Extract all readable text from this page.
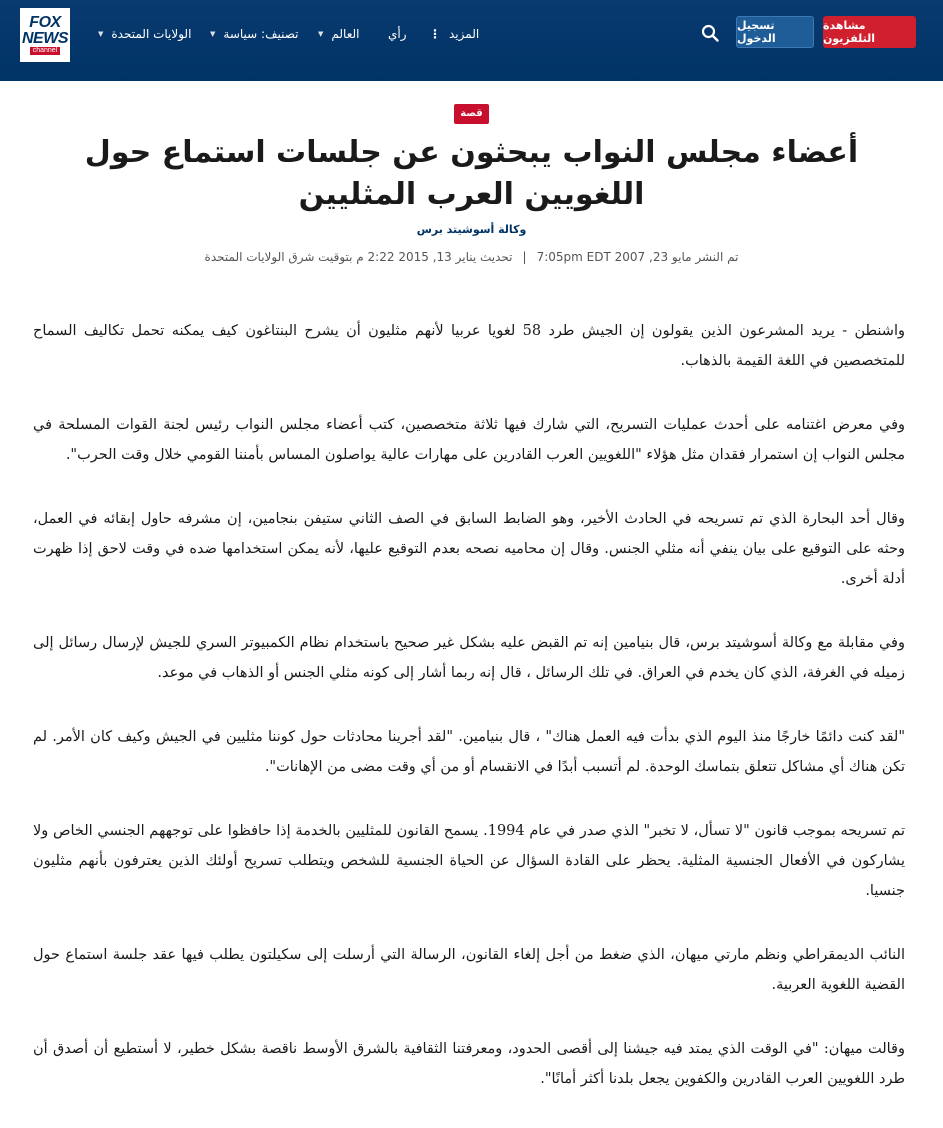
FOX
NEWS
channel
الولايات المتحدة
▼	تصنيف: سياسة
▼	العالم
▼	رأي	المزيد
⋮
تسجيل الدخول
مشاهدة التلفزيون
قصة
أعضاء مجلس النواب يبحثون عن جلسات استماع حول اللغويين العرب المثليين
وكالة أسوشيتد برس
تم النشر مايو 23, 2007 7:05pm EDT|تحديث يناير 13, 2015 2:22 م بتوقيت شرق الولايات المتحدة

واشنطن - يريد المشرعون الذين يقولون إن الجيش طرد 58 لغويا عربيا لأنهم مثليون أن يشرح البنتاغون كيف يمكنه تحمل تكاليف السماح للمتخصصين في اللغة القيمة بالذهاب.

وفي معرض اغتنامه على أحدث عمليات التسريح، التي شارك فيها ثلاثة متخصصين، كتب أعضاء مجلس النواب رئيس لجنة القوات المسلحة في مجلس النواب إن استمرار فقدان مثل هؤلاء "اللغويين العرب القادرين على مهارات عالية يواصلون المساس بأمننا القومي خلال وقت الحرب".

وقال أحد البحارة الذي تم تسريحه في الحادث الأخير، وهو الضابط السابق في الصف الثاني ستيفن بنجامين، إن مشرفه حاول إبقائه في العمل، وحثه على التوقيع على بيان ينفي أنه مثلي الجنس. وقال إن محاميه نصحه بعدم التوقيع عليها، لأنه يمكن استخدامها ضده في وقت لاحق إذا ظهرت أدلة أخرى.

وفي مقابلة مع وكالة أسوشيتد برس، قال بنيامين إنه تم القبض عليه بشكل غير صحيح باستخدام نظام الكمبيوتر السري للجيش لإرسال رسائل إلى زميله في الغرفة، الذي كان يخدم في العراق. في تلك الرسائل ، قال إنه ربما أشار إلى كونه مثلي الجنس أو الذهاب في موعد.

"لقد كنت دائمًا خارجًا منذ اليوم الذي بدأت فيه العمل هناك" ، قال بنيامين. "لقد أجرينا محادثات حول كوننا مثليين في الجيش وكيف كان الأمر. لم تكن هناك أي مشاكل تتعلق بتماسك الوحدة. لم أتسبب أبدًا في الانقسام أو من أي وقت مضى من الإهانات".

تم تسريحه بموجب قانون "لا تسأل، لا تخبر" الذي صدر في عام 1994. يسمح القانون للمثليين بالخدمة إذا حافظوا على توجههم الجنسي الخاص ولا يشاركون في الأفعال الجنسية المثلية. يحظر على القادة السؤال عن الحياة الجنسية للشخص ويتطلب تسريح أولئك الذين يعترفون بأنهم مثليون جنسيا.

النائب الديمقراطي ونظم مارتي ميهان، الذي ضغط من أجل إلغاء القانون، الرسالة التي أرسلت إلى سكيلتون يطلب فيها عقد جلسة استماع حول القضية اللغوية العربية.

وقالت ميهان: "في الوقت الذي يمتد فيه جيشنا إلى أقصى الحدود، ومعرفتنا الثقافية بالشرق الأوسط ناقصة بشكل خطير، لا أستطيع أن أصدق أن طرد اللغويين العرب القادرين والكفوين يجعل بلدنا أكثر أمانًا".
